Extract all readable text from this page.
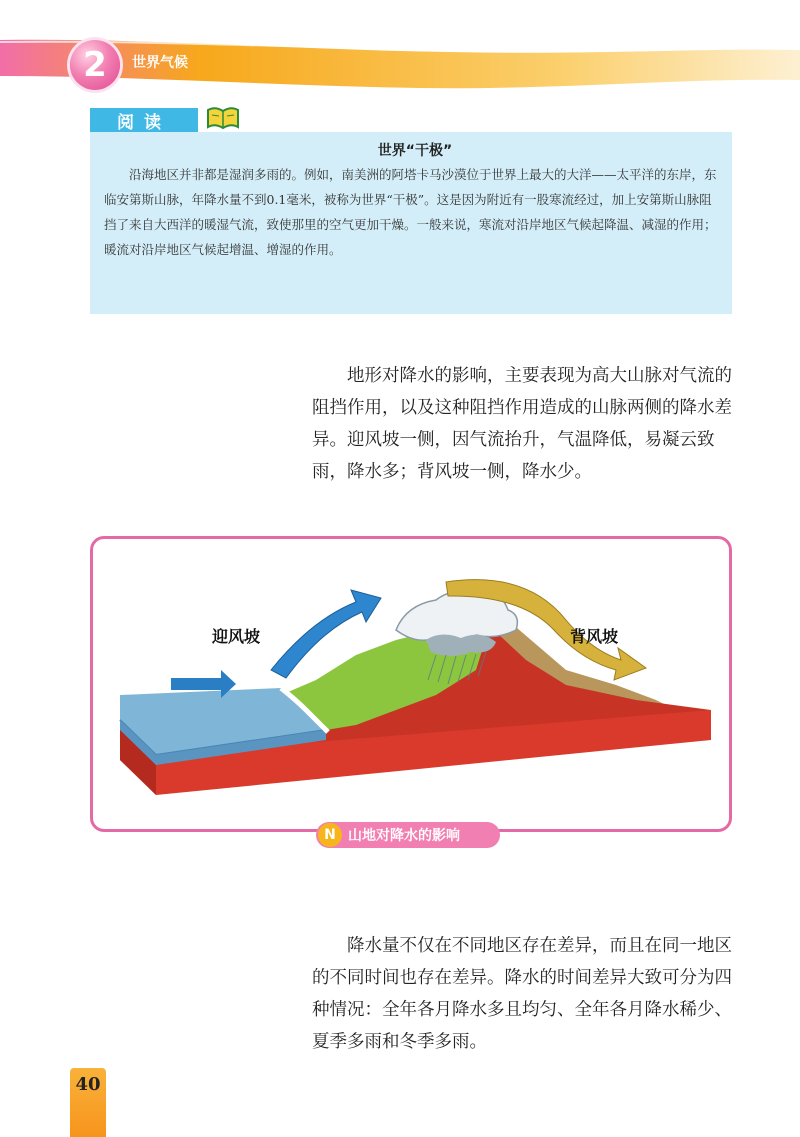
2	世界气候
阅读
世界“干极”
沿海地区并非都是湿润多雨的。例如，南美洲的阿塔卡马沙漠位于世界上最大的大洋——太平洋的东岸，东临安第斯山脉，年降水量不到0.1毫米，被称为世界“干极”。这是因为附近有一股寒流经过，加上安第斯山脉阻挡了来自大西洋的暖湿气流，致使那里的空气更加干燥。一般来说，寒流对沿岸地区气候起降温、减湿的作用；暖流对沿岸地区气候起增温、增湿的作用。
地形对降水的影响，主要表现为高大山脉对气流的阻挡作用，以及这种阻挡作用造成的山脉两侧的降水差异。迎风坡一侧，因气流抬升，气温降低，易凝云致雨，降水多；背风坡一侧，降水少。
迎风坡	背风坡
N 山地对降水的影响
降水量不仅在不同地区存在差异，而且在同一地区的不同时间也存在差异。降水的时间差异大致可分为四种情况：全年各月降水多且均匀、全年各月降水稀少、夏季多雨和冬季多雨。
40
